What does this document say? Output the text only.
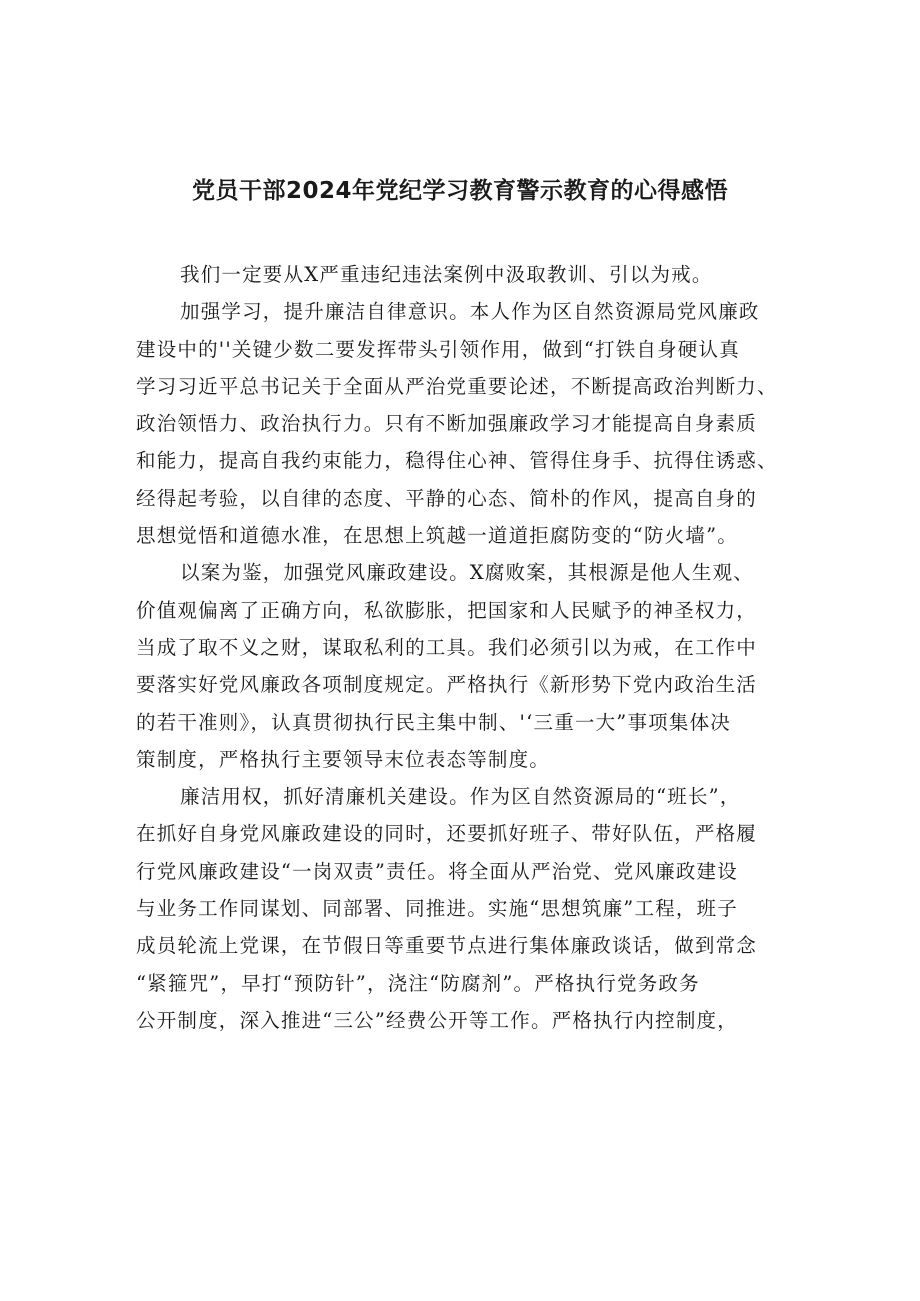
党员干部2024年党纪学习教育警示教育的心得感悟
我们一定要从X严重违纪违法案例中汲取教训、引以为戒。
加强学习，提升廉洁自律意识。本人作为区自然资源局党风廉政
建设中的''关键少数二要发挥带头引领作用，做到“打铁自身硬认真
学习习近平总书记关于全面从严治党重要论述，不断提高政治判断力、
政治领悟力、政治执行力。只有不断加强廉政学习才能提高自身素质
和能力，提高自我约束能力，稳得住心神、管得住身手、抗得住诱惑、
经得起考验，以自律的态度、平静的心态、简朴的作风，提高自身的
思想觉悟和道德水准，在思想上筑越一道道拒腐防变的“防火墙”。
以案为鉴，加强党风廉政建设。X腐败案，其根源是他人生观、
价值观偏离了正确方向，私欲膨胀，把国家和人民赋予的神圣权力，
当成了取不义之财，谋取私利的工具。我们必须引以为戒，在工作中
要落实好党风廉政各项制度规定。严格执行《新形势下党内政治生活
的若干准则》，认真贯彻执行民主集中制、'‘三重一大”事项集体决
策制度，严格执行主要领导末位表态等制度。
廉洁用权，抓好清廉机关建设。作为区自然资源局的“班长”，
在抓好自身党风廉政建设的同时，还要抓好班子、带好队伍，严格履
行党风廉政建设“一岗双责”责任。将全面从严治党、党风廉政建设
与业务工作同谋划、同部署、同推进。实施“思想筑廉”工程，班子
成员轮流上党课，在节假日等重要节点进行集体廉政谈话，做到常念
“紧箍咒”，早打“预防针”，浇注“防腐剂”。严格执行党务政务
公开制度，深入推进“三公”经费公开等工作。严格执行内控制度，
